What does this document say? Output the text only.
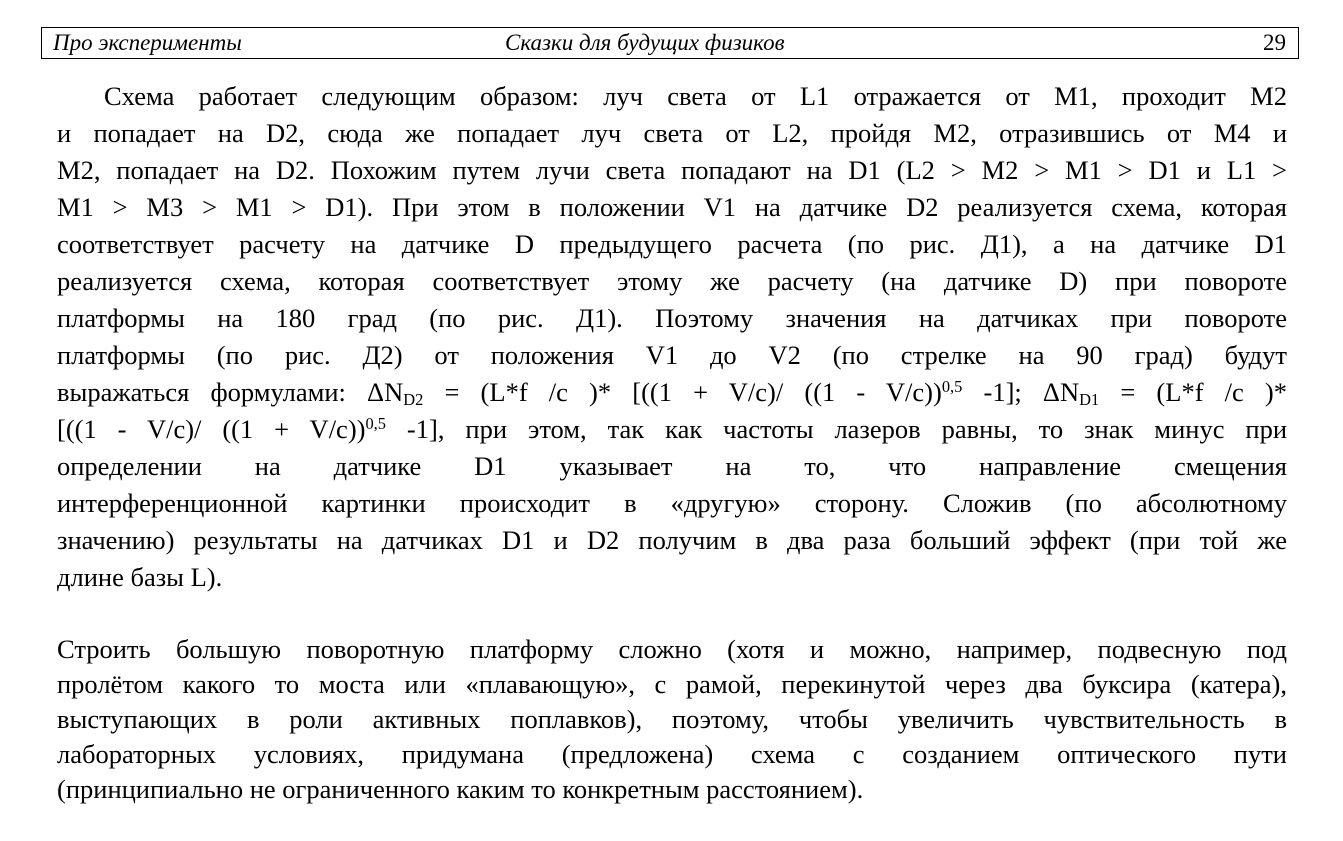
Про эксперименты	Сказки для будущих физиков	29
Схема работает следующим образом: луч света от L1 отражается от M1, проходит M2
и попадает на D2, сюда же попадает луч света от L2, пройдя M2, отразившись от M4 и
M2, попадает на D2. Похожим путем лучи света попадают на D1 (L2 > M2 > M1 > D1 и L1 >
M1 > M3 > M1 > D1). При этом в положении V1 на датчике D2 реализуется схема, которая
соответствует расчету на датчике D предыдущего расчета (по рис. Д1), а на датчике D1
реализуется схема, которая соответствует этому же расчету (на датчике D) при повороте
платформы на 180 град (по рис. Д1). Поэтому значения на датчиках при повороте
платформы (по рис. Д2) от положения V1 до V2 (по стрелке на 90 град) будут
выражаться формулами: $\Delta N_{D2} = (L*f$ /c )* [((1 + V/c)/ ((1 - V/c))$^{0,5}$ -1]; $\Delta N_{D1} = (L*f$ /c )*
[((1 - V/c)/ $((1 + V/c))^{0,5}$ -1], при этом, так как частоты лазеров равны, то знак минус при
определении на датчике D1 указывает на то, что направление смещения
интерференционной картинки происходит в «другую» сторону. Сложив (по абсолютному
значению) результаты на датчиках D1 и D2 получим в два раза больший эффект (при той же
длине базы L).
Строить большую поворотную платформу сложно (хотя и можно, например, подвесную под
пролётом какого то моста или «плавающую», с рамой, перекинутой через два буксира (катера),
выступающих в роли активных поплавков), поэтому, чтобы увеличить чувствительность в
лабораторных условиях, придумана (предложена) схема с созданием оптического пути
(принципиально не ограниченного каким то конкретным расстоянием).
